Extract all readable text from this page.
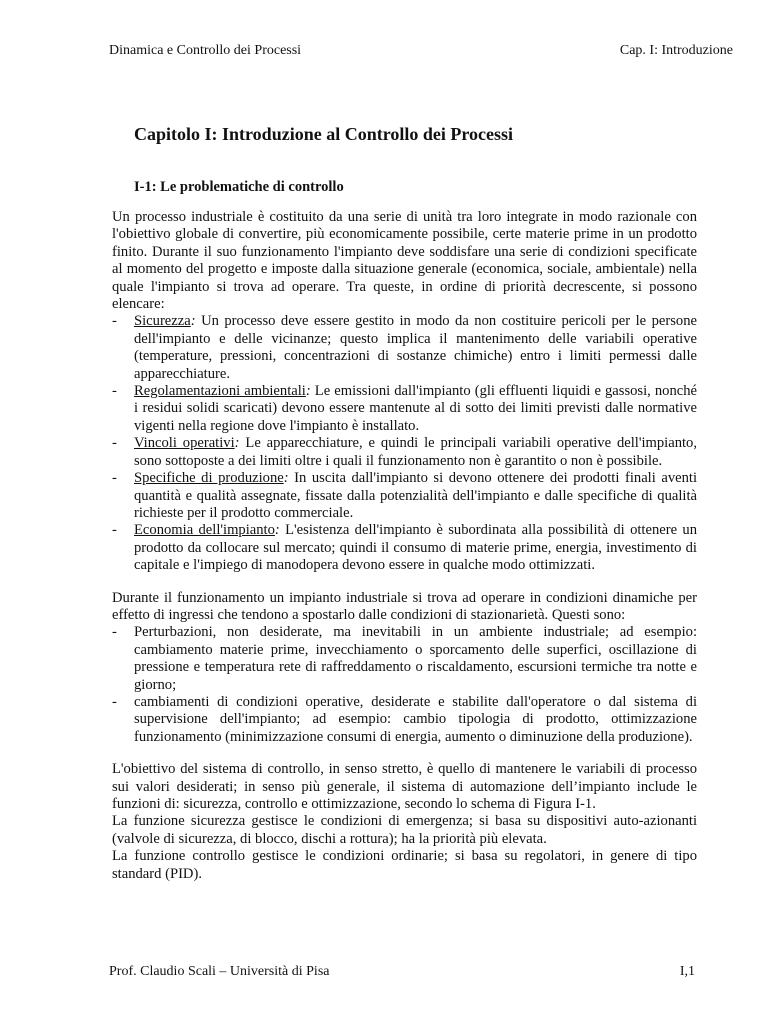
Dinamica e Controllo dei Processi	Cap. I: Introduzione
Capitolo I: Introduzione al Controllo dei Processi
I-1: Le problematiche di controllo

Un processo industriale è costituito da una serie di unità tra loro integrate in modo razionale con l'obiettivo globale di convertire, più economicamente possibile, certe materie prime in un prodotto finito. Durante il suo funzionamento l'impianto deve soddisfare una serie di condizioni specificate al momento del progetto e imposte dalla situazione generale (economica, sociale, ambientale) nella quale l'impianto si trova ad operare. Tra queste, in ordine di priorità decrescente, si possono elencare:

- Sicurezza: Un processo deve essere gestito in modo da non costituire pericoli per le persone dell'impianto e delle vicinanze; questo implica il mantenimento delle variabili operative (temperature, pressioni, concentrazioni di sostanze chimiche) entro i limiti permessi dalle apparecchiature.
- Regolamentazioni ambientali: Le emissioni dall'impianto (gli effluenti liquidi e gassosi, nonché i residui solidi scaricati) devono essere mantenute al di sotto dei limiti previsti dalle normative vigenti nella regione dove l'impianto è installato.
- Vincoli operativi: Le apparecchiature, e quindi le principali variabili operative dell'impianto, sono sottoposte a dei limiti oltre i quali il funzionamento non è garantito o non è possibile.
- Specifiche di produzione: In uscita dall'impianto si devono ottenere dei prodotti finali aventi quantità e qualità assegnate, fissate dalla potenzialità dell'impianto e dalle specifiche di qualità richieste per il prodotto commerciale.
- Economia dell'impianto: L'esistenza dell'impianto è subordinata alla possibilità di ottenere un prodotto da collocare sul mercato; quindi il consumo di materie prime, energia, investimento di capitale e l'impiego di manodopera devono essere in qualche modo ottimizzati.

Durante il funzionamento un impianto industriale si trova ad operare in condizioni dinamiche per effetto di ingressi che tendono a spostarlo dalle condizioni di stazionarietà. Questi sono:

- Perturbazioni, non desiderate, ma inevitabili in un ambiente industriale; ad esempio: cambiamento materie prime, invecchiamento o sporcamento delle superfici, oscillazione di pressione e temperatura rete di raffreddamento o riscaldamento, escursioni termiche tra notte e giorno;
- cambiamenti di condizioni operative, desiderate e stabilite dall'operatore o dal sistema di supervisione dell'impianto; ad esempio: cambio tipologia di prodotto, ottimizzazione funzionamento (minimizzazione consumi di energia, aumento o diminuzione della produzione).

L'obiettivo del sistema di controllo, in senso stretto, è quello di mantenere le variabili di processo sui valori desiderati; in senso più generale, il sistema di automazione dell’impianto include le funzioni di: sicurezza, controllo e ottimizzazione, secondo lo schema di Figura I-1.

La funzione sicurezza gestisce le condizioni di emergenza; si basa su dispositivi auto-azionanti (valvole di sicurezza, di blocco, dischi a rottura); ha la priorità più elevata.

La funzione controllo gestisce le condizioni ordinarie; si basa su regolatori, in genere di tipo standard (PID).

Prof. Claudio Scali – Università di Pisa	I,1
